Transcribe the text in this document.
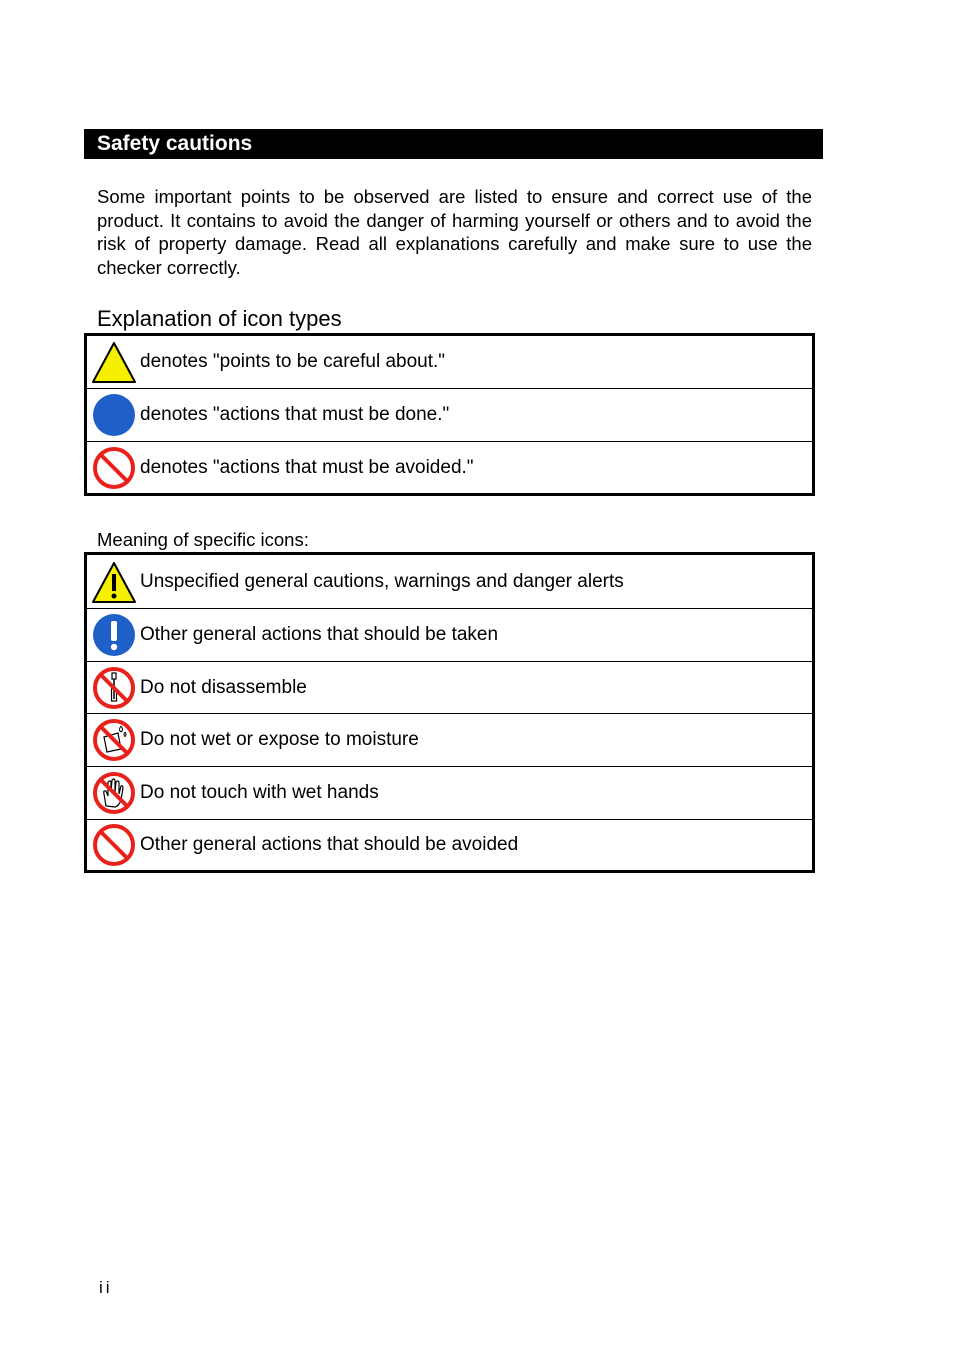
Safety cautions

Some important points to be observed are listed to ensure and correct use of the product. It contains to avoid the danger of harming yourself or others and to avoid the risk of property damage. Read all explanations carefully and make sure to use the checker correctly.

Explanation of icon types
denotes "points to be careful about."
denotes "actions that must be done."
denotes "actions that must be avoided."

Meaning of specific icons:

Unspecified general cautions, warnings and danger alerts
Other general actions that should be taken
Do not disassemble
Do not wet or expose to moisture
Do not touch with wet hands
Other general actions that should be avoided
ii
